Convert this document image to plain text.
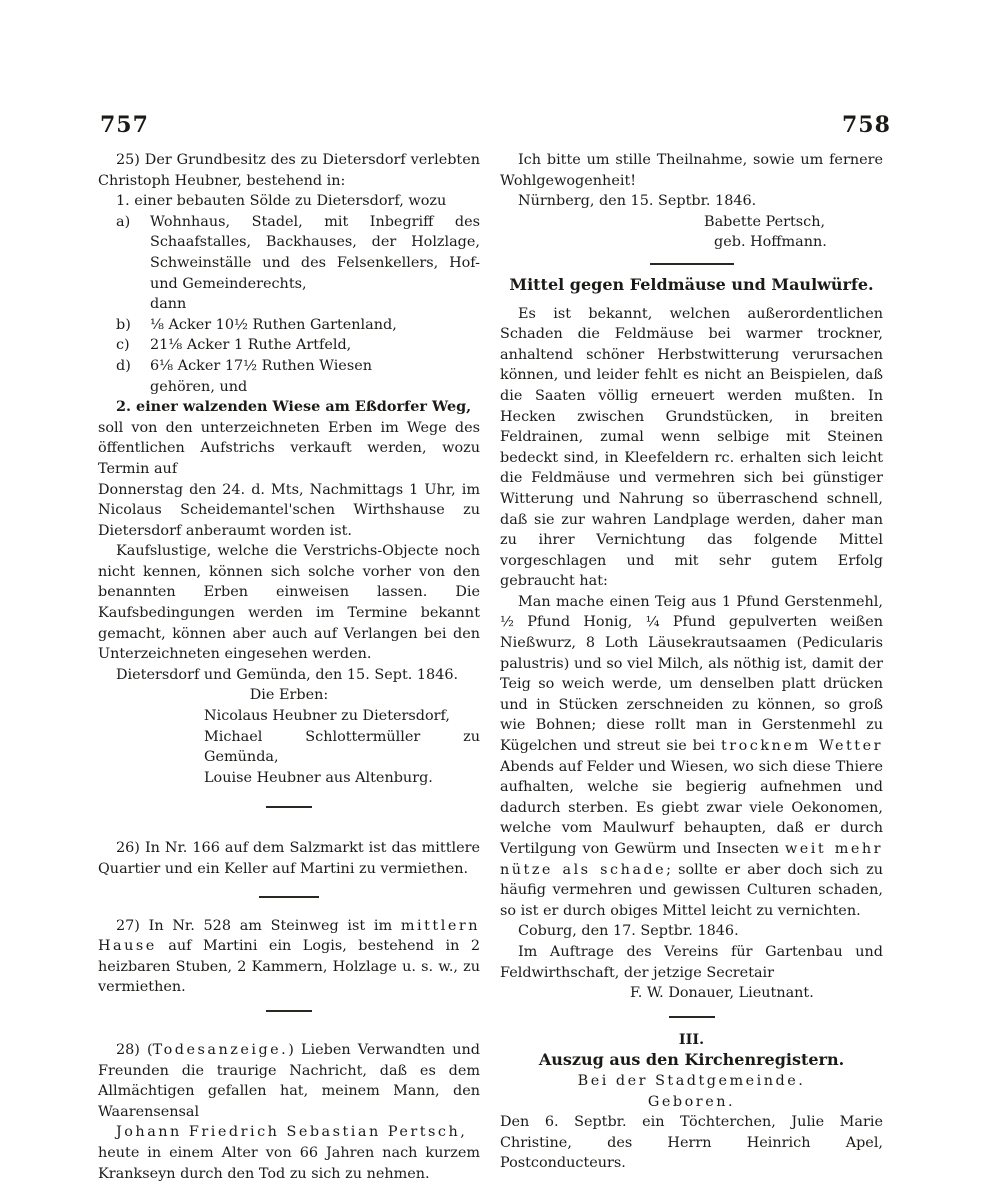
757	758

25) Der Grundbesitz des zu Dietersdorf verlebten Christoph Heubner, bestehend in:

1. einer bebauten Sölde zu Dietersdorf, wozu

a) Wohnhaus, Stadel, mit Inbegriff des Schaafstalles, Backhauses, der Holzlage, Schweinställe und des Felsenkellers, Hof- und Gemeinderechts,

dann

b) ⅛ Acker 10½ Ruthen Gartenland,

c) 21⅛ Acker 1 Ruthe Artfeld,

d) 6⅛ Acker 17½ Ruthen Wiesen

gehören, und

2. einer walzenden Wiese am Eßdorfer Weg,

soll von den unterzeichneten Erben im Wege des öffentlichen Aufstrichs verkauft werden, wozu Termin auf

Donnerstag den 24. d. Mts, Nachmittags 1 Uhr, im Nicolaus Scheidemantel'schen Wirthshause zu Dietersdorf anberaumt worden ist.

Kaufslustige, welche die Verstrichs-Objecte noch nicht kennen, können sich solche vorher von den benannten Erben einweisen lassen. Die Kaufsbedingungen werden im Termine bekannt gemacht, können aber auch auf Verlangen bei den Unterzeichneten eingesehen werden.

Dietersdorf und Gemünda, den 15. Sept. 1846.

Die Erben:

Nicolaus Heubner zu Dietersdorf,

Michael Schlottermüller zu Gemünda,

Louise Heubner aus Altenburg.

26) In Nr. 166 auf dem Salzmarkt ist das mittlere Quartier und ein Keller auf Martini zu vermiethen.

27) In Nr. 528 am Steinweg ist im mittlern Hause auf Martini ein Logis, bestehend in 2 heizbaren Stuben, 2 Kammern, Holzlage u. s. w., zu vermiethen.

28) (Todesanzeige.) Lieben Verwandten und Freunden die traurige Nachricht, daß es dem Allmächtigen gefallen hat, meinem Mann, den Waarensensal

Johann Friedrich Sebastian Pertsch,

heute in einem Alter von 66 Jahren nach kurzem Krankseyn durch den Tod zu sich zu nehmen.

Ich bitte um stille Theilnahme, sowie um fernere Wohlgewogenheit!

Nürnberg, den 15. Septbr. 1846.

Babette Pertsch,

geb. Hoffmann.

Mittel gegen Feldmäuse und Maulwürfe.

Es ist bekannt, welchen außerordentlichen Schaden die Feldmäuse bei warmer trockner, anhaltend schöner Herbstwitterung verursachen können, und leider fehlt es nicht an Beispielen, daß die Saaten völlig erneuert werden mußten. In Hecken zwischen Grundstücken, in breiten Feldrainen, zumal wenn selbige mit Steinen bedeckt sind, in Kleefeldern rc. erhalten sich leicht die Feldmäuse und vermehren sich bei günstiger Witterung und Nahrung so überraschend schnell, daß sie zur wahren Landplage werden, daher man zu ihrer Vernichtung das folgende Mittel vorgeschlagen und mit sehr gutem Erfolg gebraucht hat:

Man mache einen Teig aus 1 Pfund Gerstenmehl, ½ Pfund Honig, ¼ Pfund gepulverten weißen Nießwurz, 8 Loth Läusekrautsaamen (Pedicularis palustris) und so viel Milch, als nöthig ist, damit der Teig so weich werde, um denselben platt drücken und in Stücken zerschneiden zu können, so groß wie Bohnen; diese rollt man in Gerstenmehl zu Kügelchen und streut sie bei trocknem Wetter Abends auf Felder und Wiesen, wo sich diese Thiere aufhalten, welche sie begierig aufnehmen und dadurch sterben. Es giebt zwar viele Oekonomen, welche vom Maulwurf behaupten, daß er durch Vertilgung von Gewürm und Insecten weit mehr nütze als schade; sollte er aber doch sich zu häufig vermehren und gewissen Culturen schaden, so ist er durch obiges Mittel leicht zu vernichten.

Coburg, den 17. Septbr. 1846.

Im Auftrage des Vereins für Gartenbau und Feldwirthschaft, der jetzige Secretair

F. W. Donauer, Lieutnant.

III.

Auszug aus den Kirchenregistern.

Bei der Stadtgemeinde.

Geboren.

Den 6. Septbr. ein Töchterchen, Julie Marie Christine, des Herrn Heinrich Apel, Postconducteurs.
